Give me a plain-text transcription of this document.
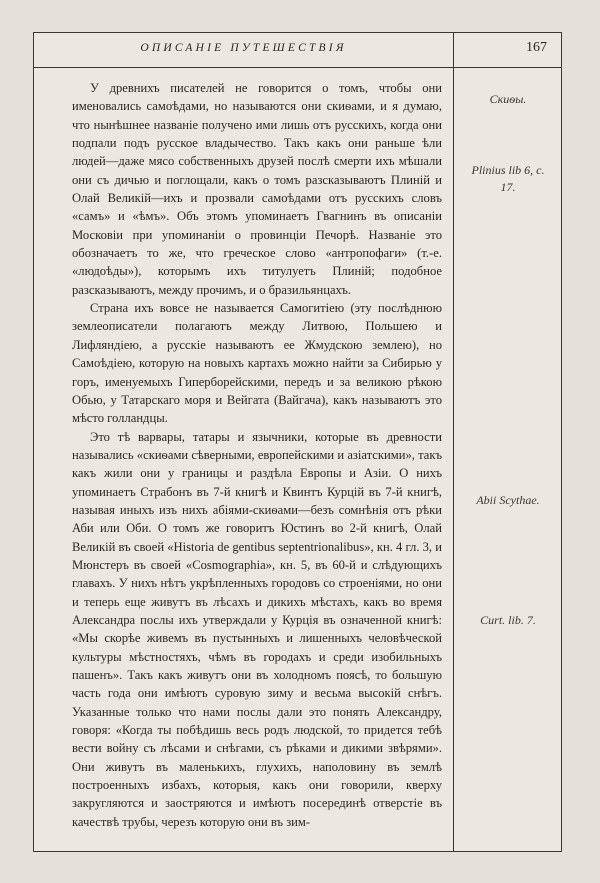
ОПИСАНІЕ ПУТЕШЕСТВІЯ	167

У древнихъ писателей не говорится о томъ, чтобы они именовались самоѣдами, но называются они скиѳами, и я думаю, что нынѣшнее названіе получено ими лишь отъ русскихъ, когда они подпали подъ русское владычество. Такъ какъ они раньше ѣли людей—даже мясо собственныхъ друзей послѣ смерти ихъ мѣшали они съ дичью и поглощали, какъ о томъ разсказываютъ Плиній и Олай Великій—ихъ и прозвали самоѣдами отъ русскихъ словъ «самъ» и «ѣмъ». Объ этомъ упоминаетъ Гвагнинъ въ описаніи Московіи при упоминаніи о провинціи Печорѣ. Названіе это обозначаетъ то же, что греческое слово «антропофаги» (т.-е. «людоѣды»), которымъ ихъ титулуетъ Плиній; подобное разсказываютъ, между прочимъ, и о бразильянцахъ.

Страна ихъ вовсе не называется Самогитіею (эту послѣднюю землеописатели полагаютъ между Литвою, Польшею и Лифляндіею, а русскіе называютъ ее Жмудскою землею), но Самоѣдіею, которую на новыхъ картахъ можно найти за Сибирью у горъ, именуемыхъ Гиперборейскими, передъ и за великою рѣкою Обью, у Татарскаго моря и Вейгата (Вайгача), какъ называютъ это мѣсто голландцы.

Это тѣ варвары, татары и язычники, которые въ древности назывались «скиѳами сѣверными, европейскими и азіатскими», такъ какъ жили они у границы и раздѣла Европы и Азіи. О нихъ упоминаетъ Страбонъ въ 7-й книгѣ и Квинтъ Курцій въ 7-й книгѣ, называя иныхъ изъ нихъ абіями-скиѳами—безъ сомнѣнія отъ рѣки Аби или Оби. О томъ же говоритъ Юстинъ во 2-й книгѣ, Олай Великій въ своей «Historia de gentibus septentrionalibus», кн. 4 гл. 3, и Мюнстеръ въ своей «Cosmographia», кн. 5, въ 60-й и слѣдующихъ главахъ. У нихъ нѣтъ укрѣпленныхъ городовъ со строеніями, но они и теперь еще живутъ въ лѣсахъ и дикихъ мѣстахъ, какъ во время Александра послы ихъ утверждали у Курція въ означенной книгѣ: «Мы скорѣе живемъ въ пустынныхъ и лишенныхъ человѣческой культуры мѣстностяхъ, чѣмъ въ городахъ и среди изобильныхъ пашенъ». Такъ какъ живутъ они въ холодномъ поясѣ, то большую часть года они имѣютъ суровую зиму и весьма высокій снѣгъ. Указанные только что нами послы дали это понять Александру, говоря: «Когда ты побѣдишь весь родъ людской, то придется тебѣ вести войну съ лѣсами и снѣгами, съ рѣками и дикими звѣрями». Они живутъ въ маленькихъ, глухихъ, наполовину въ землѣ построенныхъ избахъ, которыя, какъ они говорили, кверху закругляются и заостряются и имѣютъ посерединѣ отверстіе въ качествѣ трубы, черезъ которую они въ зим-

Скиѳы.
Plinius lib 6, c. 17.
Abii Scythae.
Curt. lib. 7.
